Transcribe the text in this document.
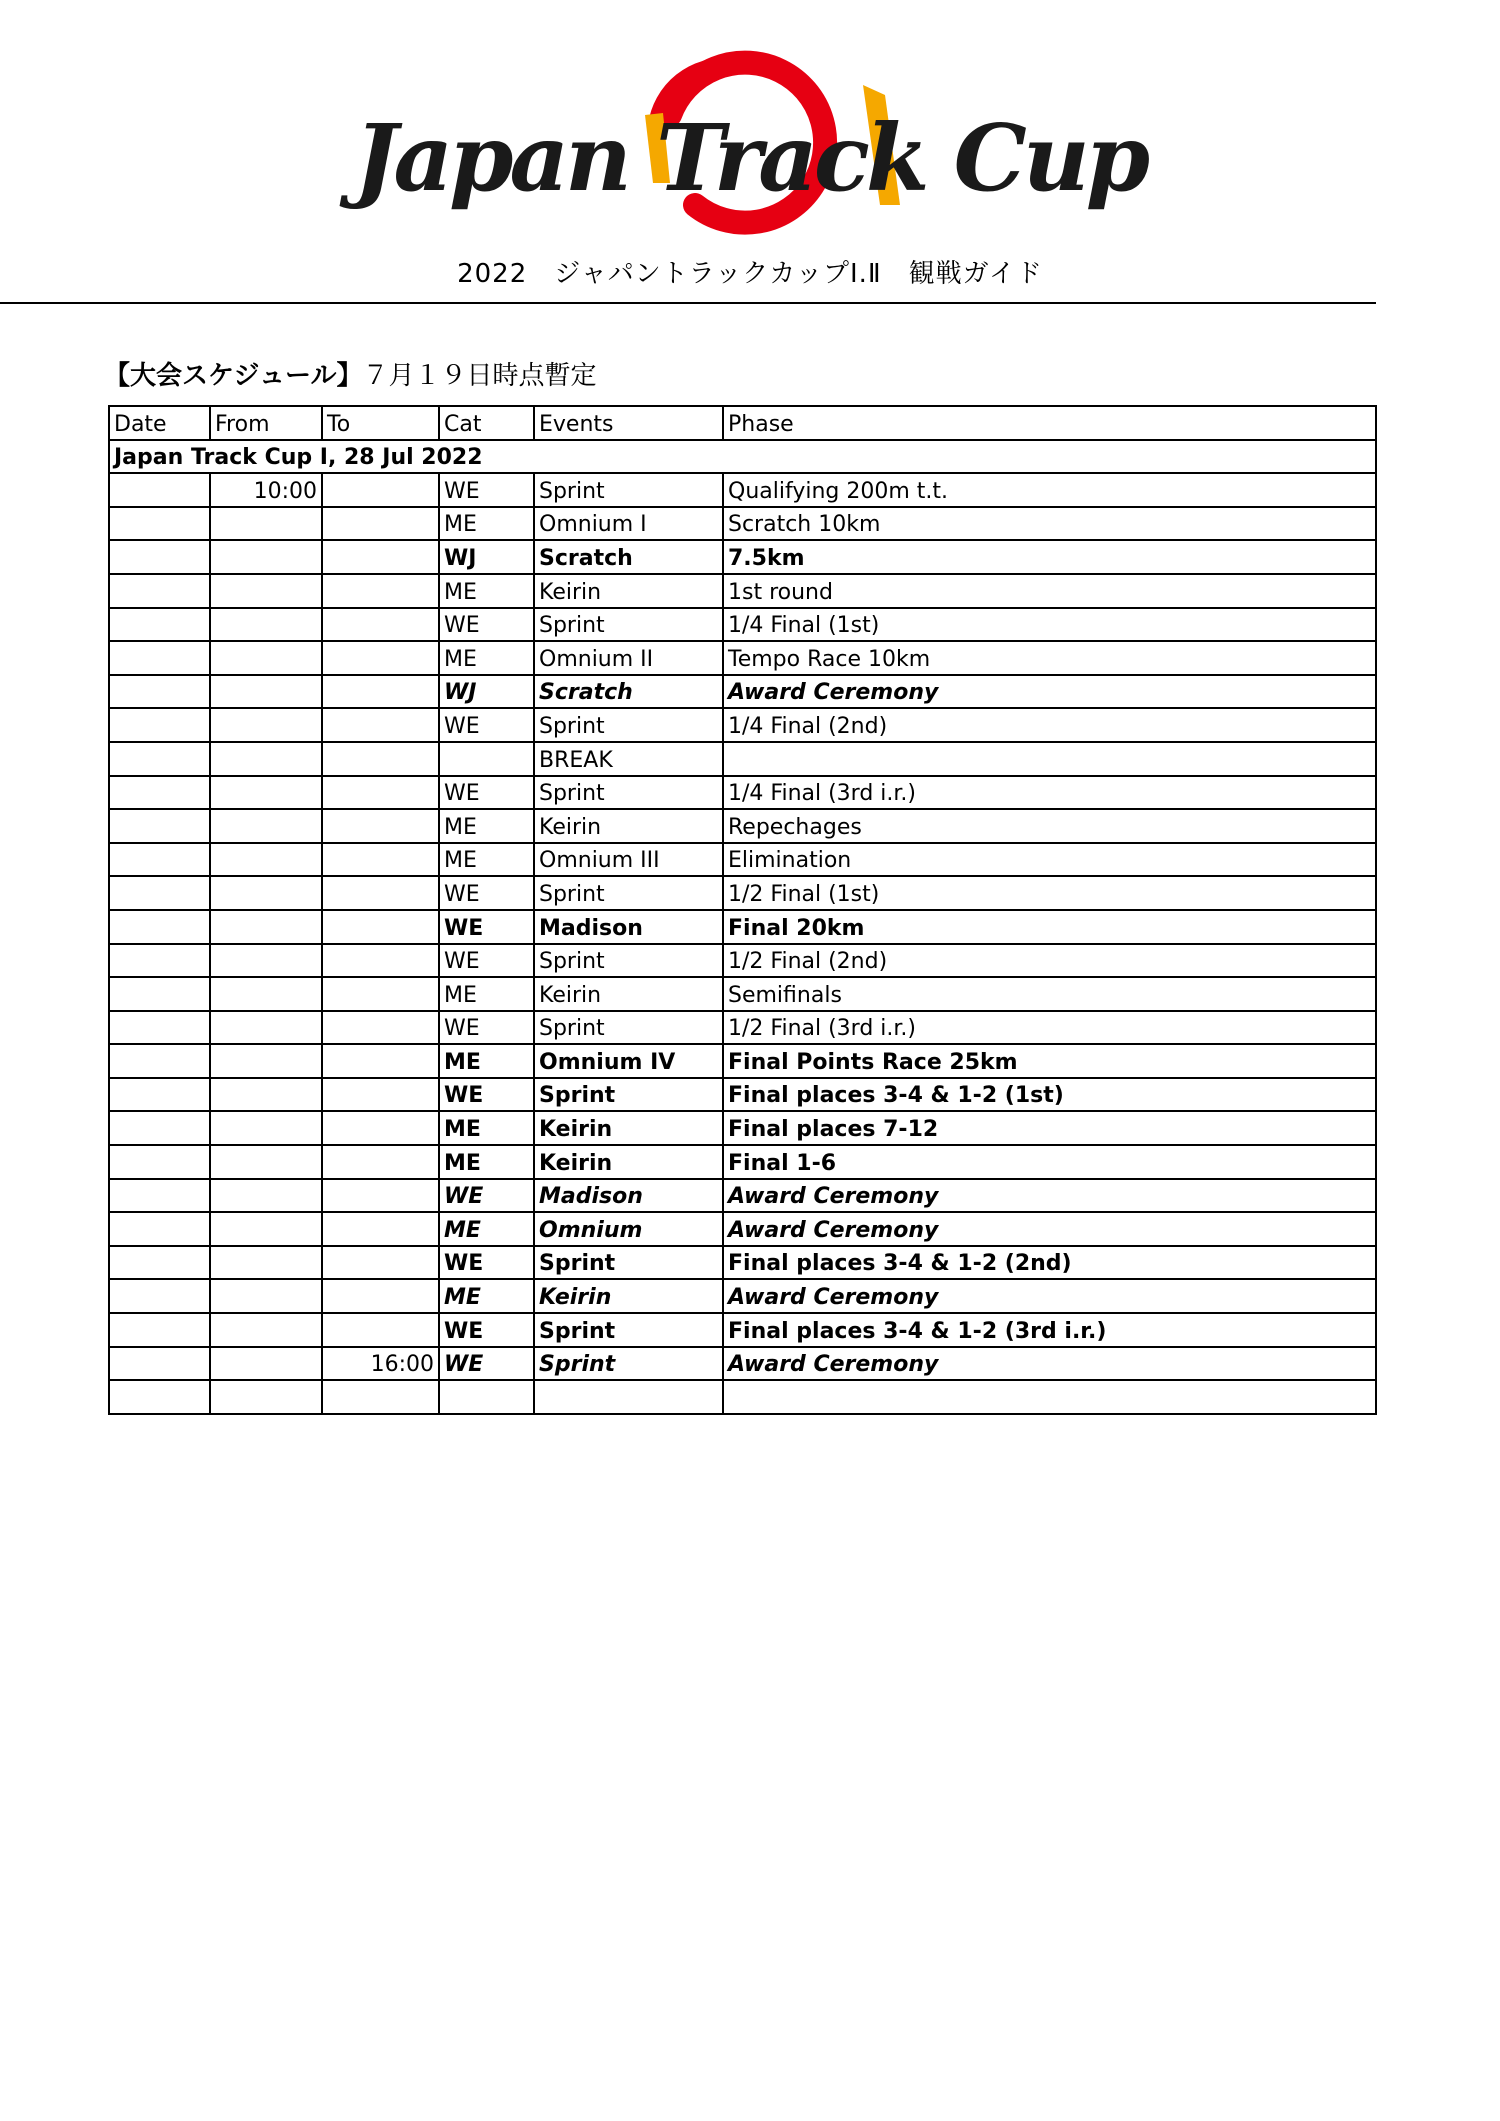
Japan Track Cup
2022　ジャパントラックカップⅠ.Ⅱ　観戦ガイド
【大会スケジュール】７月１９日時点暫定
Date	From	To	Cat	Events	Phase
Japan Track Cup I, 28 Jul 2022					
	10:00		WE	Sprint	Qualifying 200m t.t.
			ME	Omnium I	Scratch 10km
			WJ	Scratch	7.5km
			ME	Keirin	1st round
			WE	Sprint	1/4 Final (1st)
			ME	Omnium II	Tempo Race 10km
			WJ	Scratch	Award Ceremony
			WE	Sprint	1/4 Final (2nd)
				BREAK	
			WE	Sprint	1/4 Final (3rd i.r.)
			ME	Keirin	Repechages
			ME	Omnium III	Elimination
			WE	Sprint	1/2 Final (1st)
			WE	Madison	Final 20km
			WE	Sprint	1/2 Final (2nd)
			ME	Keirin	Semifinals
			WE	Sprint	1/2 Final (3rd i.r.)
			ME	Omnium IV	Final Points Race 25km
			WE	Sprint	Final places 3-4 & 1-2 (1st)
			ME	Keirin	Final places 7-12
			ME	Keirin	Final 1-6
			WE	Madison	Award Ceremony
			ME	Omnium	Award Ceremony
			WE	Sprint	Final places 3-4 & 1-2 (2nd)
			ME	Keirin	Award Ceremony
			WE	Sprint	Final places 3-4 & 1-2 (3rd i.r.)
		16:00	WE	Sprint	Award Ceremony
